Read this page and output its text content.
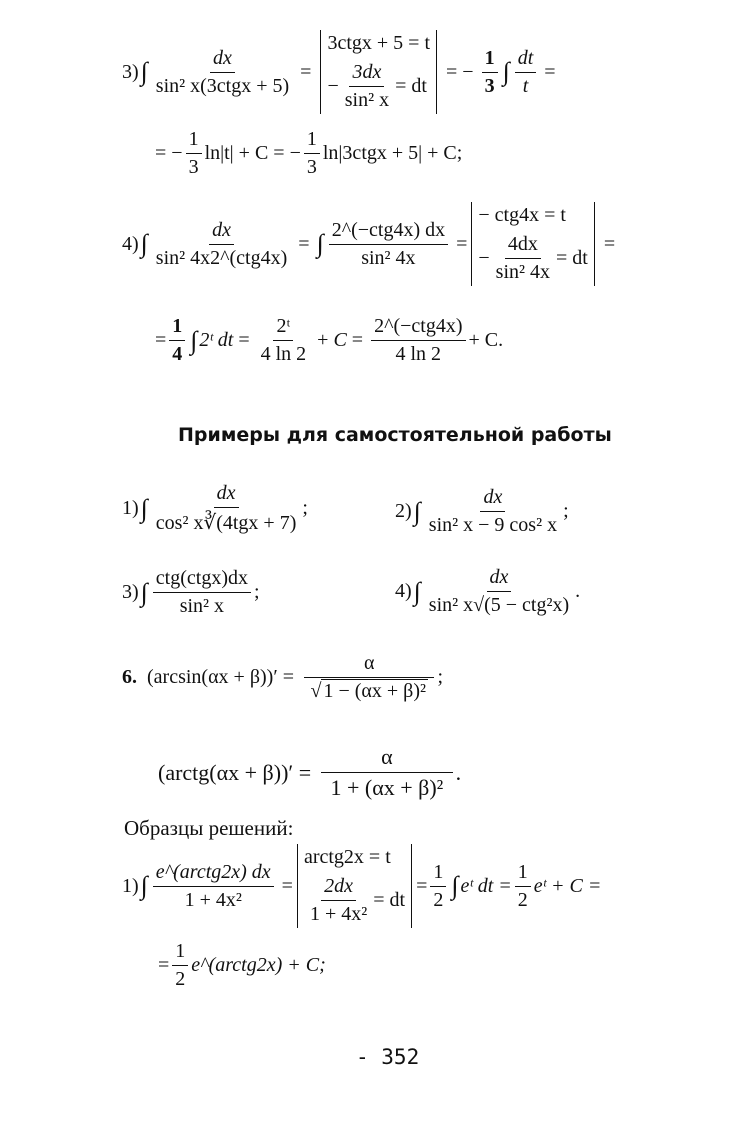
3) ∫ $\frac{dx}{\text{sin² x(3ctgx + 5)}}$ =
3ctgx + 5 = t
− $\frac{3dx}{\text{sin² x}}$ = dt
= − $\frac{1}{3}$ ∫ $\frac{dt}{t}$ =
= − $\frac{1}{3} \ln|t| + C$ = − $\frac{1}{3}$ ln|3ctgx + 5| + C;
4) ∫ $\frac{dx}{\text{sin² 4x2\textasciicircum{}(ctg4x)}}$ = ∫ $\frac{\text{2\textasciicircum{}(−ctg4x) dx}}{\text{sin² 4x}}$ =
− ctg4x = t
− $\frac{4dx}{\text{sin² 4x}}$ = dt
=
= $\frac{1}{4}$ ∫ 2ᵗ dt = $\frac{\text{2ᵗ}}{4 \ln 2} + C = \frac{\text{2\textasciicircum{}(−ctg4x)}}{4 \ln 2} + C$.
Примеры для самостоятельной работы
1) ∫ $\frac{dx}{\text{cos² x∛(4tgx + 7)}}$ ;	2) ∫ $\frac{dx}{\text{sin² x − 9 cos² x}}$ ;
3) ∫ $\frac{\text{ctg(ctgx)dx}}{\text{sin² x}}$ ;	4) ∫ $\frac{dx}{\text{sin² x√(5 − ctg²x)}}$ .
6. $(\arcsin(\alpha x + \beta))' = \frac{\alpha}{\text{√ 1 − (αx + β)²}}$ ;
(arctg(αx + $\beta))' = \frac{\alpha}{\text{1 + (αx + β)²}}$ .
Образцы решений:
1) ∫ $\frac{\text{e\textasciicircum{}(arctg2x) dx}}{\text{1 + 4x²}}$ =
arctg2x = t
$\frac{2dx}{\text{1 + 4x²}}$ = dt
= $\frac{1}{2}$ ∫ eᵗ dt = $\frac{1}{2}$ eᵗ + C =
= $\frac{1}{2}$ e^(arctg2x) + C;
- 352
